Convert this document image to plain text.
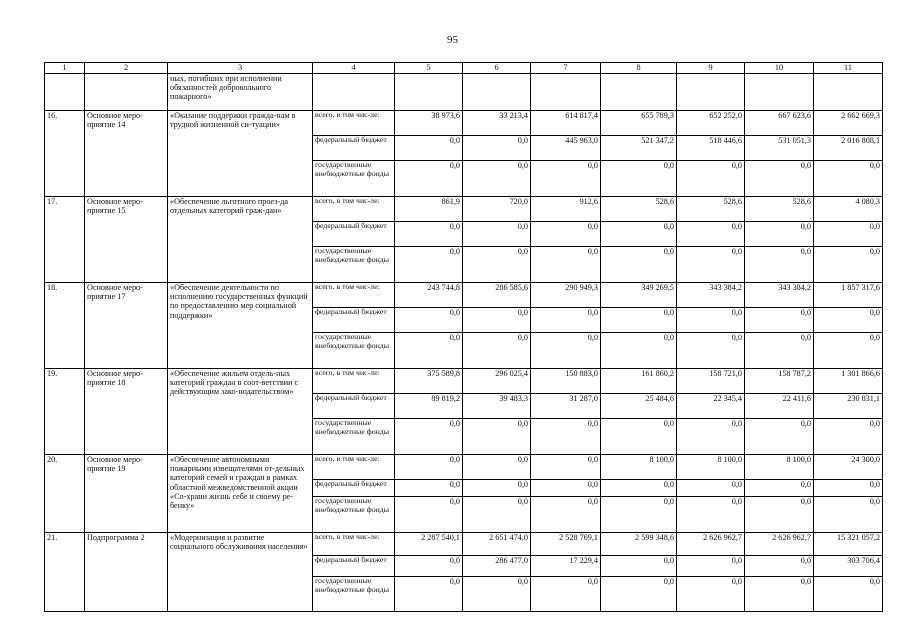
95
1	2	3	4	5	6	7	8	9	10	11
		ных, погибших при исполнении обязанностей добровольного пожарного»								
16.	Основное меро-приятие 14	«Оказание поддержки гражда-нам в трудной жизненной си-туации»	всего, в том чис-ле:	38 973,6	33 213,4	614 817,4	655 789,3	652 252,0	667 623,6	2 662 669,3
			федеральный бюджет	0,0	0,0	445 963,0	521 347,2	518 446,6	531 051,3	2 016 808,1
			государственные внебюджетные фонды	0,0	0,0	0,0	0,0	0,0	0,0	0,0
17.	Основное меро-приятие 15	«Обеспечение льготного проез-да отдельных категорий граж-дан»	всего, в том чис-ле:	861,9	720,0	912,6	528,6	528,6	528,6	4 080,3
			федеральный бюджет	0,0	0,0	0,0	0,0	0,0	0,0	0,0
			государственные внебюджетные фонды	0,0	0,0	0,0	0,0	0,0	0,0	0,0
18.	Основное меро-приятие 17	«Обеспечение деятельности по исполнению государственных функций по предоставлению мер социальной поддержки»	всего, в том чис-ле:	243 744,8	286 585,6	290 949,3	349 269,5	343 384,2	343 384,2	1 857 317,6
			федеральный бюджет	0,0	0,0	0,0	0,0	0,0	0,0	0,0
			государственные внебюджетные фонды	0,0	0,0	0,0	0,0	0,0	0,0	0,0
19.	Основное меро-приятие 18	«Обеспечение жильем отдель-ных категорий граждан в соот-ветствии с действующим зако-нодательством»	всего, в том чис-ле:	375 589,8	296 025,4	150 883,0	161 860,2	158 721,0	158 787,2	1 301 866,6
			федеральный бюджет	89 819,2	39 483,3	31 287,0	25 484,6	22 345,4	22 411,6	230 831,1
			государственные внебюджетные фонды	0,0	0,0	0,0	0,0	0,0	0,0	0,0
20.	Основное меро-приятие 19	«Обеспечение автономными пожарными извещателями от-дельных категорий семей и граждан в рамках областной межведомственной акции «Со-храни жизнь себе и своему ре-бенку»	всего, в том чис-ле:	0,0	0,0	0,0	8 100,0	8 100,0	8 100,0	24 300,0
			федеральный бюджет	0,0	0,0	0,0	0,0	0,0	0,0	0,0
			государственные внебюджетные фонды	0,0	0,0	0,0	0,0	0,0	0,0	0,0
21.	Подпрограмма 2	«Модернизация и развитие социального обслуживания населения»	всего, в том чис-ле:	2 287 540,1	2 651 474,0	2 528 769,1	2 599 348,6	2 626 962,7	2 626 962,7	15 321 057,2
			федеральный бюджет	0,0	286 477,0	17 229,4	0,0	0,0	0,0	303 706,4
			государственные внебюджетные фонды	0,0	0,0	0,0	0,0	0,0	0,0	0,0
